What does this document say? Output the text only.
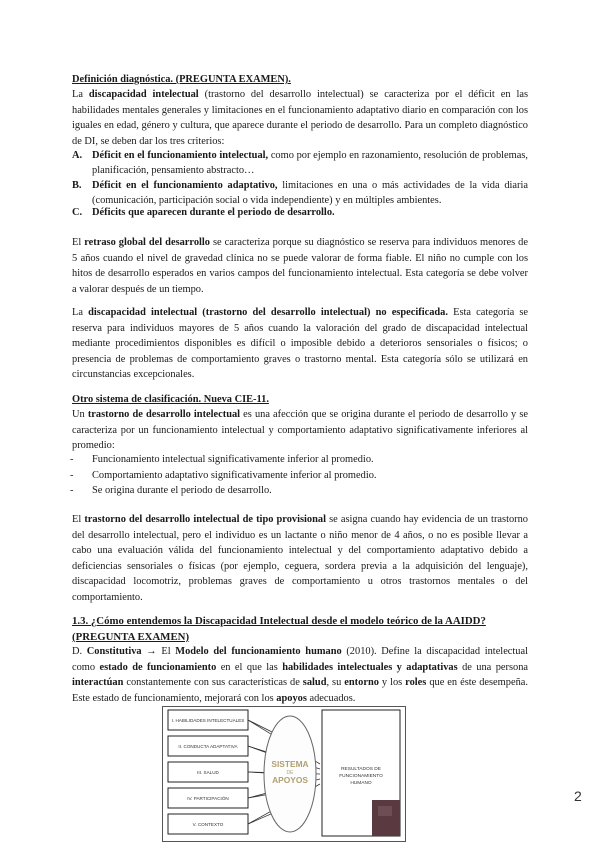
Definición diagnóstica. (PREGUNTA EXAMEN).

La discapacidad intelectual (trastorno del desarrollo intelectual) se caracteriza por el déficit en las habilidades mentales generales y limitaciones en el funcionamiento adaptativo diario en comparación con los iguales en edad, género y cultura, que aparece durante el periodo de desarrollo. Para un completo diagnóstico de DI, se deben dar los tres criterios:

A. Déficit en el funcionamiento intelectual, como por ejemplo en razonamiento, resolución de problemas, planificación, pensamiento abstracto…

B. Déficit en el funcionamiento adaptativo, limitaciones en una o más actividades de la vida diaria (comunicación, participación social o vida independiente) y en múltiples ambientes.

C. Déficits que aparecen durante el periodo de desarrollo.

El retraso global del desarrollo se caracteriza porque su diagnóstico se reserva para individuos menores de 5 años cuando el nivel de gravedad clínica no se puede valorar de forma fiable. El niño no cumple con los hitos de desarrollo esperados en varios campos del funcionamiento intelectual. Esta categoría se debe volver a valorar después de un tiempo.

La discapacidad intelectual (trastorno del desarrollo intelectual) no especificada. Esta categoría se reserva para individuos mayores de 5 años cuando la valoración del grado de discapacidad intelectual mediante procedimientos disponibles es difícil o imposible debido a deterioros sensoriales o físicos; o presencia de problemas de comportamiento graves o trastorno mental. Esta categoría sólo se utilizará en circunstancias excepcionales.

Otro sistema de clasificación. Nueva CIE-11.

Un trastorno de desarrollo intelectual es una afección que se origina durante el periodo de desarrollo y se caracteriza por un funcionamiento intelectual y comportamiento adaptativo significativamente inferiores al promedio:

- Funcionamiento intelectual significativamente inferior al promedio.

- Comportamiento adaptativo significativamente inferior al promedio.

- Se origina durante el periodo de desarrollo.

El trastorno del desarrollo intelectual de tipo provisional se asigna cuando hay evidencia de un trastorno del desarrollo intelectual, pero el individuo es un lactante o niño menor de 4 años, o no es posible llevar a cabo una evaluación válida del funcionamiento intelectual y del comportamiento adaptativo debido a deficiencias sensoriales o físicas (por ejemplo, ceguera, sordera previa a la adquisición del lenguaje), discapacidad locomotriz, problemas graves de comportamiento u otros trastornos mentales o del comportamiento.

1.3. ¿Cómo entendemos la Discapacidad Intelectual desde el modelo teórico de la AAIDD?
(PREGUNTA EXAMEN)

D. Constitutiva → El Modelo del funcionamiento humano (2010). Define la discapacidad intelectual como estado de funcionamiento en el que las habilidades intelectuales y adaptativas de una persona interactúan constantemente con sus características de salud, su entorno y los roles que en éste desempeña. Este estado de funcionamiento, mejorará con los apoyos adecuados.

I. HABILIDADES INTELECTUALES
II. CONDUCTA ADAPTATIVA
III. SALUD
IV. PARTICIPACIÓN
V. CONTEXTO
SISTEMA
DE
APOYOS
RESULTADOS DE
FUNCIONAMIENTO
HUMANO
2
